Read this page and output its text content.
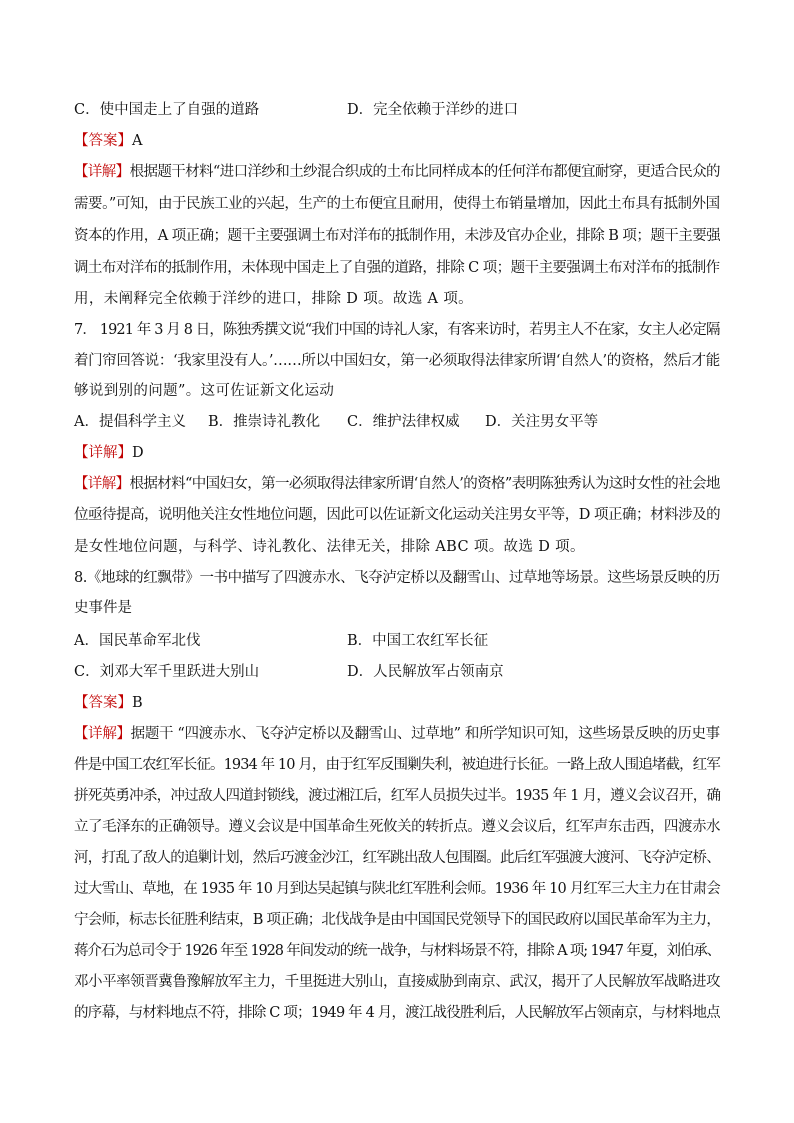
C．使中国走上了自强的道路	D．完全依赖于洋纱的进口
【答案】A
【详解】根据题干材料“进口洋纱和土纱混合织成的土布比同样成本的任何洋布都便宜耐穿，更适合民众的
需要。”可知，由于民族工业的兴起，生产的土布便宜且耐用，使得土布销量增加，因此土布具有抵制外国
资本的作用，A 项正确；题干主要强调土布对洋布的抵制作用，未涉及官办企业，排除 B 项；题干主要强
调土布对洋布的抵制作用，未体现中国走上了自强的道路，排除 C 项；题干主要强调土布对洋布的抵制作
用，未阐释完全依赖于洋纱的进口，排除 D 项。故选 A 项。
7． 1921 年 3 月 8 日，陈独秀撰文说“我们中国的诗礼人家，有客来访时，若男主人不在家，女主人必定隔
着门帘回答说：‘我家里没有人。’……所以中国妇女，第一必须取得法律家所谓‘自然人’的资格，然后才能
够说到别的问题”。这可佐证新文化运动
A．提倡科学主义 B．推崇诗礼教化 C．维护法律权威 D．关注男女平等
【详解】D
【详解】根据材料“中国妇女，第一必须取得法律家所谓‘自然人’的资格”表明陈独秀认为这时女性的社会地
位亟待提高，说明他关注女性地位问题，因此可以佐证新文化运动关注男女平等，D 项正确；材料涉及的
是女性地位问题，与科学、诗礼教化、法律无关，排除 ABC 项。故选 D 项。
8.《地球的红飘带》一书中描写了四渡赤水、飞夺泸定桥以及翻雪山、过草地等场景。这些场景反映的历
史事件是
A．国民革命军北伐	B．中国工农红军长征
C．刘邓大军千里跃进大别山	D．人民解放军占领南京
【答案】B
【详解】据题干 “四渡赤水、飞夺泸定桥以及翻雪山、过草地” 和所学知识可知，这些场景反映的历史事
件是中国工农红军长征。1934 年 10 月，由于红军反围剿失利，被迫进行长征。一路上敌人围追堵截，红军
拼死英勇冲杀，冲过敌人四道封锁线，渡过湘江后，红军人员损失过半。1935 年 1 月，遵义会议召开，确
立了毛泽东的正确领导。遵义会议是中国革命生死攸关的转折点。遵义会议后，红军声东击西，四渡赤水
河，打乱了敌人的追剿计划，然后巧渡金沙江，红军跳出敌人包围圈。此后红军强渡大渡河、飞夺泸定桥、
过大雪山、草地，在 1935 年 10 月到达吴起镇与陕北红军胜利会师。1936 年 10 月红军三大主力在甘肃会
宁会师，标志长征胜利结束，B 项正确；北伐战争是由中国国民党领导下的国民政府以国民革命军为主力，
蒋介石为总司令于 1926 年至 1928 年间发动的统一战争，与材料场景不符，排除 A 项; 1947 年夏，刘伯承、
邓小平率领晋冀鲁豫解放军主力，千里挺进大别山，直接威胁到南京、武汉，揭开了人民解放军战略进攻
的序幕，与材料地点不符，排除 C 项；1949 年 4 月，渡江战役胜利后，人民解放军占领南京，与材料地点
